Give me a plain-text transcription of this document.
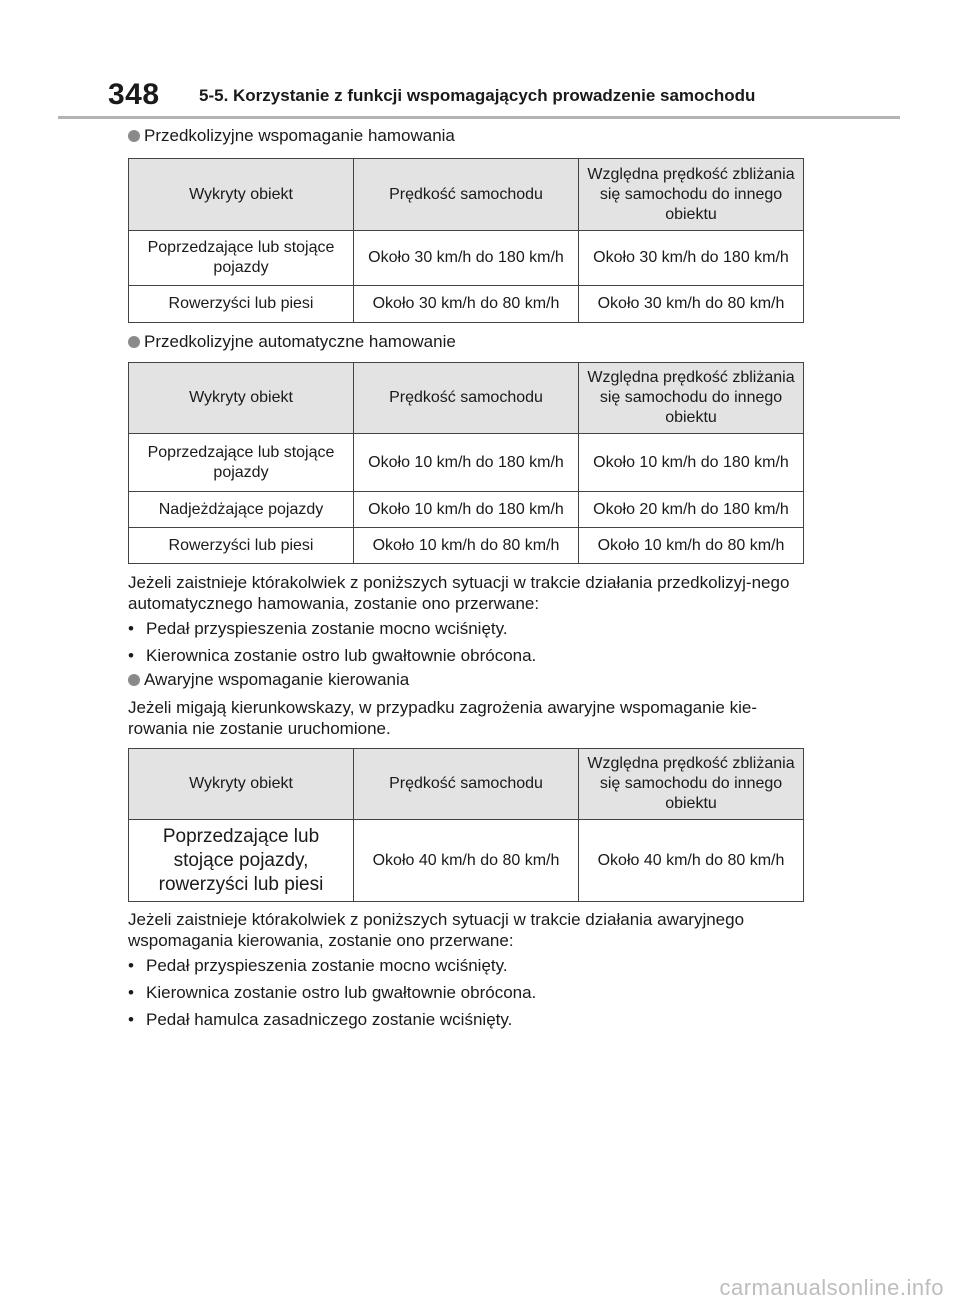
348 5-5. Korzystanie z funkcji wspomagających prowadzenie samochodu
Przedkolizyjne wspomaganie hamowania
Wykryty obiekt	Prędkość samochodu	Względna prędkość zbliżania się samochodu do innego obiektu
Poprzedzające lub stojące pojazdy	Około 30 km/h do 180 km/h	Około 30 km/h do 180 km/h
Rowerzyści lub piesi	Około 30 km/h do 80 km/h	Około 30 km/h do 80 km/h
Przedkolizyjne automatyczne hamowanie
Wykryty obiekt	Prędkość samochodu	Względna prędkość zbliżania się samochodu do innego obiektu
Poprzedzające lub stojące pojazdy	Około 10 km/h do 180 km/h	Około 10 km/h do 180 km/h
Nadjeżdżające pojazdy	Około 10 km/h do 180 km/h	Około 20 km/h do 180 km/h
Rowerzyści lub piesi	Około 10 km/h do 80 km/h	Około 10 km/h do 80 km/h
Jeżeli zaistnieje którakolwiek z poniższych sytuacji w trakcie działania przedkolizyj-nego automatycznego hamowania, zostanie ono przerwane:
• Pedał przyspieszenia zostanie mocno wciśnięty.
• Kierownica zostanie ostro lub gwałtownie obrócona.
Awaryjne wspomaganie kierowania
Jeżeli migają kierunkowskazy, w przypadku zagrożenia awaryjne wspomaganie kie-rowania nie zostanie uruchomione.
Wykryty obiekt	Prędkość samochodu	Względna prędkość zbliżania się samochodu do innego obiektu
Poprzedzające lub stojące pojazdy, rowerzyści lub piesi	Około 40 km/h do 80 km/h	Około 40 km/h do 80 km/h
Jeżeli zaistnieje którakolwiek z poniższych sytuacji w trakcie działania awaryjnego wspomagania kierowania, zostanie ono przerwane:
• Pedał przyspieszenia zostanie mocno wciśnięty.
• Kierownica zostanie ostro lub gwałtownie obrócona.
• Pedał hamulca zasadniczego zostanie wciśnięty.
carmanualsonline.info
